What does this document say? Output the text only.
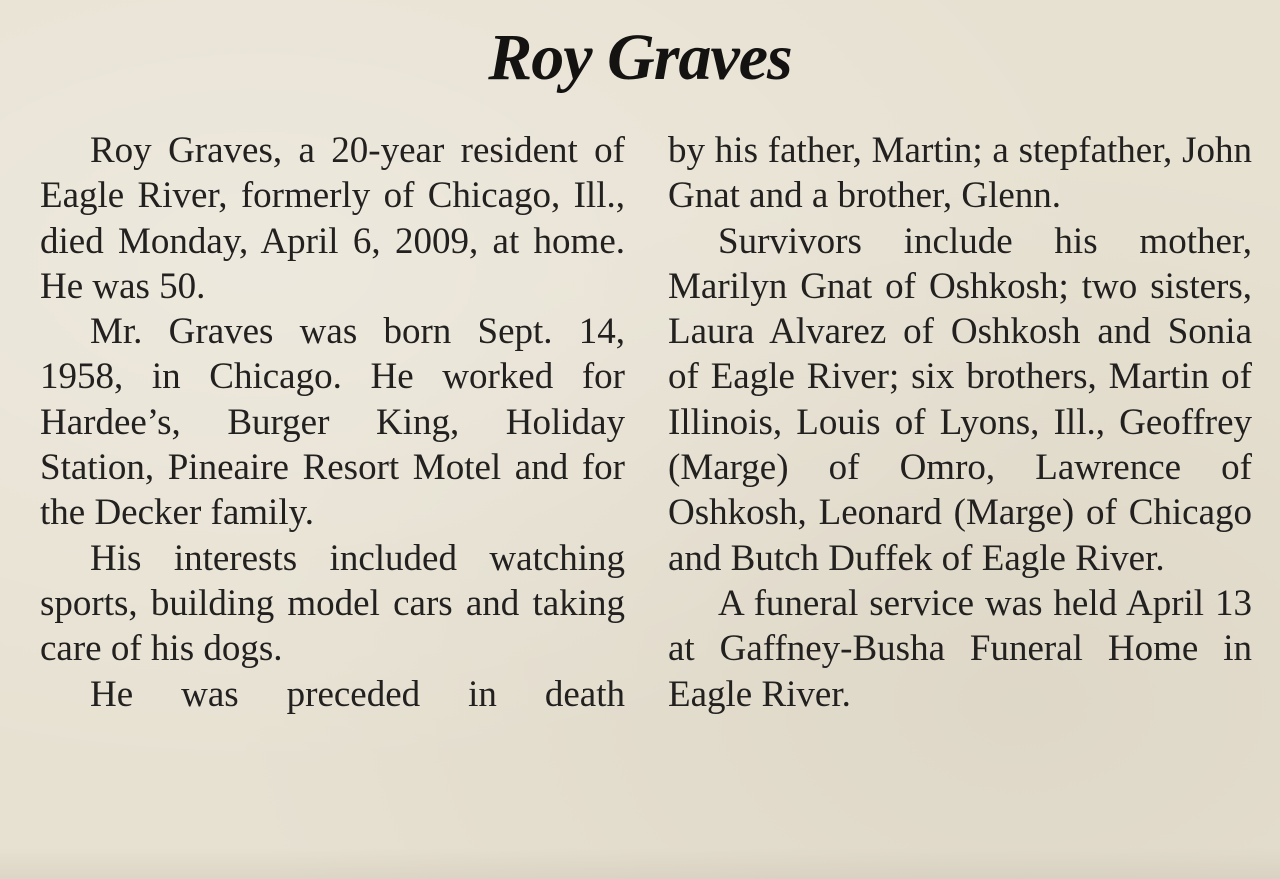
Roy Graves

Roy Graves, a 20-year resident of Eagle River, formerly of Chicago, Ill., died Monday, April 6, 2009, at home. He was 50.

Mr. Graves was born Sept. 14, 1958, in Chicago. He worked for Hardee’s, Burger King, Holiday Station, Pineaire Resort Motel and for the Decker family.

His interests included watching sports, building model cars and taking care of his dogs.

He was preceded in death

by his father, Martin; a stepfather, John Gnat and a brother, Glenn.

Survivors include his mother, Marilyn Gnat of Oshkosh; two sisters, Laura Alvarez of Oshkosh and Sonia of Eagle River; six brothers, Martin of Illinois, Louis of Lyons, Ill., Geoffrey (Marge) of Omro, Lawrence of Oshkosh, Leonard (Marge) of Chicago and Butch Duffek of Eagle River.

A funeral service was held April 13 at Gaffney-Busha Funeral Home in Eagle River.
